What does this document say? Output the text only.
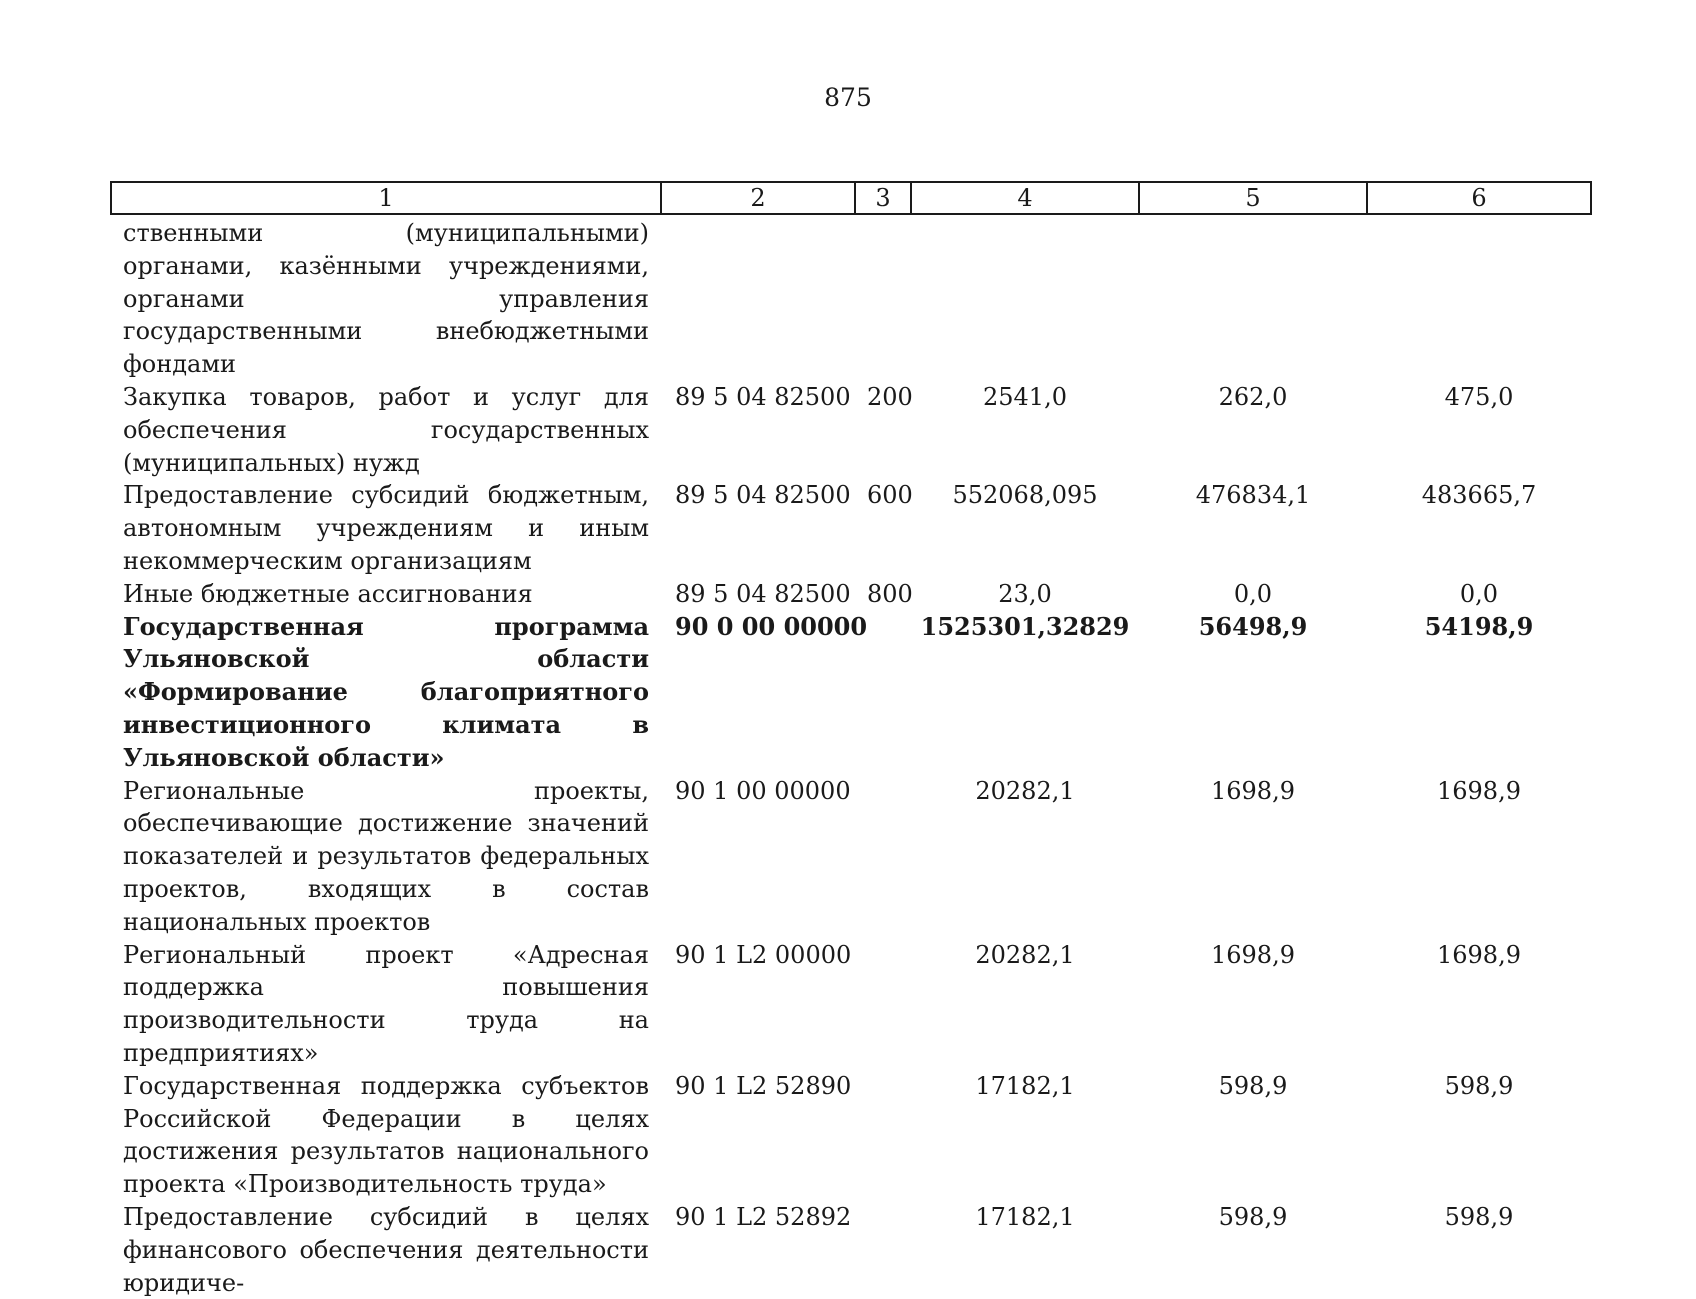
875
1	2	3	4	5	6
ственными (муниципальными) органами, казёнными учреждениями, органами управления государственными внебюджетными фондами					
Закупка товаров, работ и услуг для обеспечения государственных (муниципальных) нужд	89 5 04 82500	200	2541,0	262,0	475,0
Предоставление субсидий бюджетным, автономным учреждениям и иным некоммерческим организациям	89 5 04 82500	600	552068,095	476834,1	483665,7
Иные бюджетные ассигнования	89 5 04 82500	800	23,0	0,0	0,0
Государственная программа Ульяновской области «Формирование благоприятного инвестиционного климата в Ульяновской области»	90 0 00 00000		1525301,32829	56498,9	54198,9
Региональные проекты, обеспечивающие достижение значений показателей и результатов федеральных проектов, входящих в состав национальных проектов	90 1 00 00000		20282,1	1698,9	1698,9
Региональный проект «Адресная поддержка повышения производительности труда на предприятиях»	90 1 L2 00000		20282,1	1698,9	1698,9
Государственная поддержка субъектов Российской Федерации в целях достижения результатов национального проекта «Производительность труда»	90 1 L2 52890		17182,1	598,9	598,9
Предоставление субсидий в целях финансового обеспечения деятельности юридиче-	90 1 L2 52892		17182,1	598,9	598,9
